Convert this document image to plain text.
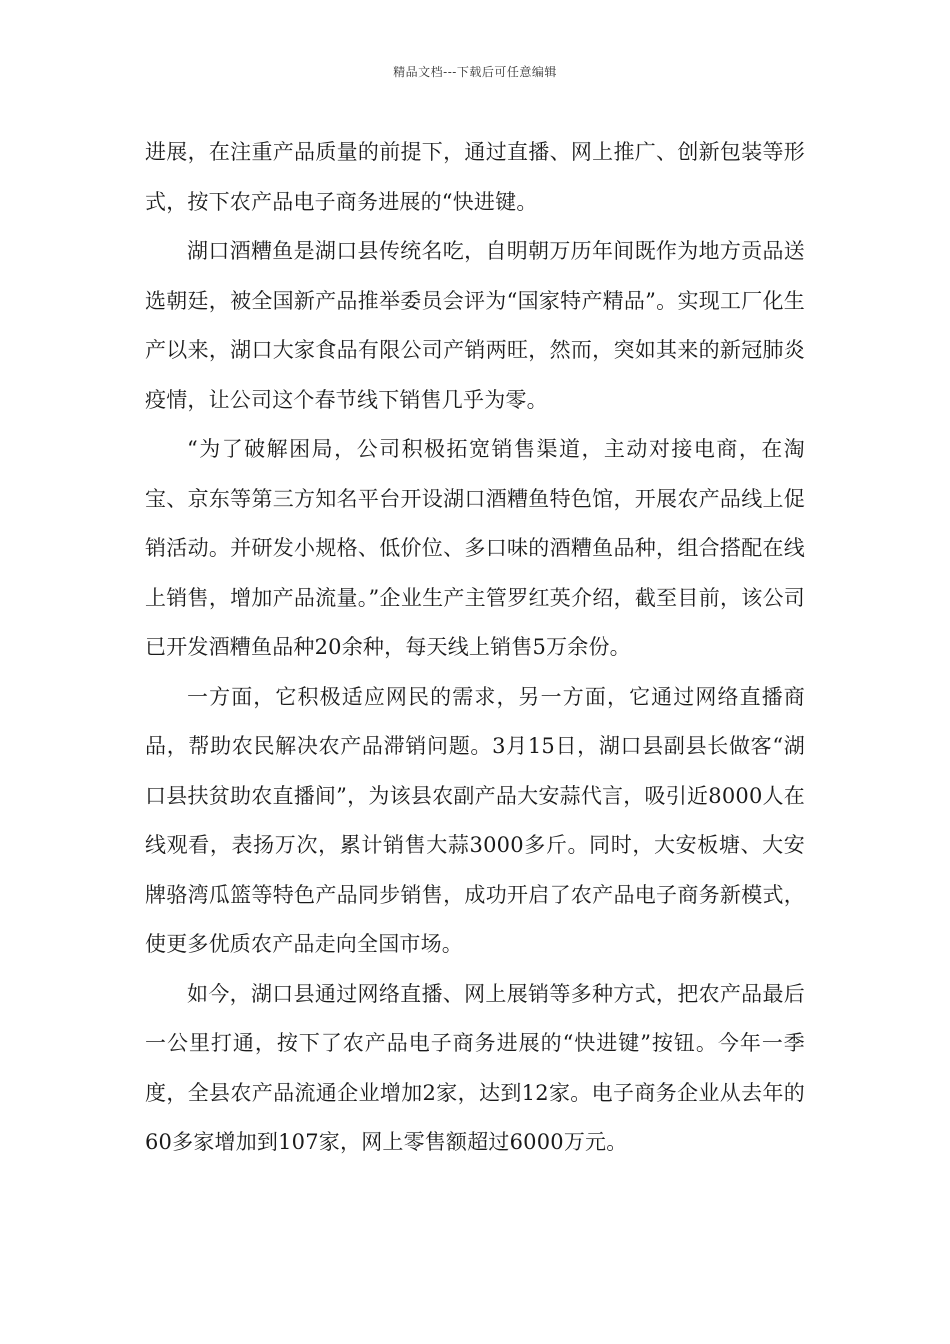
精品文档---下载后可任意编辑

进展，在注重产品质量的前提下，通过直播、网上推广、创新包装等形式，按下农产品电子商务进展的“快进键。

湖口酒糟鱼是湖口县传统名吃，自明朝万历年间既作为地方贡品送选朝廷，被全国新产品推举委员会评为“国家特产精品”。实现工厂化生产以来，湖口大家食品有限公司产销两旺，然而，突如其来的新冠肺炎疫情，让公司这个春节线下销售几乎为零。

“为了破解困局，公司积极拓宽销售渠道，主动对接电商，在淘宝、京东等第三方知名平台开设湖口酒糟鱼特色馆，开展农产品线上促销活动。并研发小规格、低价位、多口味的酒糟鱼品种，组合搭配在线上销售，增加产品流量。”企业生产主管罗红英介绍，截至目前，该公司已开发酒糟鱼品种20余种，每天线上销售5万余份。

一方面，它积极适应网民的需求，另一方面，它通过网络直播商品，帮助农民解决农产品滞销问题。3月15日，湖口县副县长做客“湖口县扶贫助农直播间”，为该县农副产品大安蒜代言，吸引近8000人在线观看，表扬万次，累计销售大蒜3000多斤。同时，大安板塘、大安牌骆湾瓜篮等特色产品同步销售，成功开启了农产品电子商务新模式，使更多优质农产品走向全国市场。

如今，湖口县通过网络直播、网上展销等多种方式，把农产品最后一公里打通，按下了农产品电子商务进展的“快进键”按钮。今年一季度，全县农产品流通企业增加2家，达到12家。电子商务企业从去年的60多家增加到107家，网上零售额超过6000万元。
